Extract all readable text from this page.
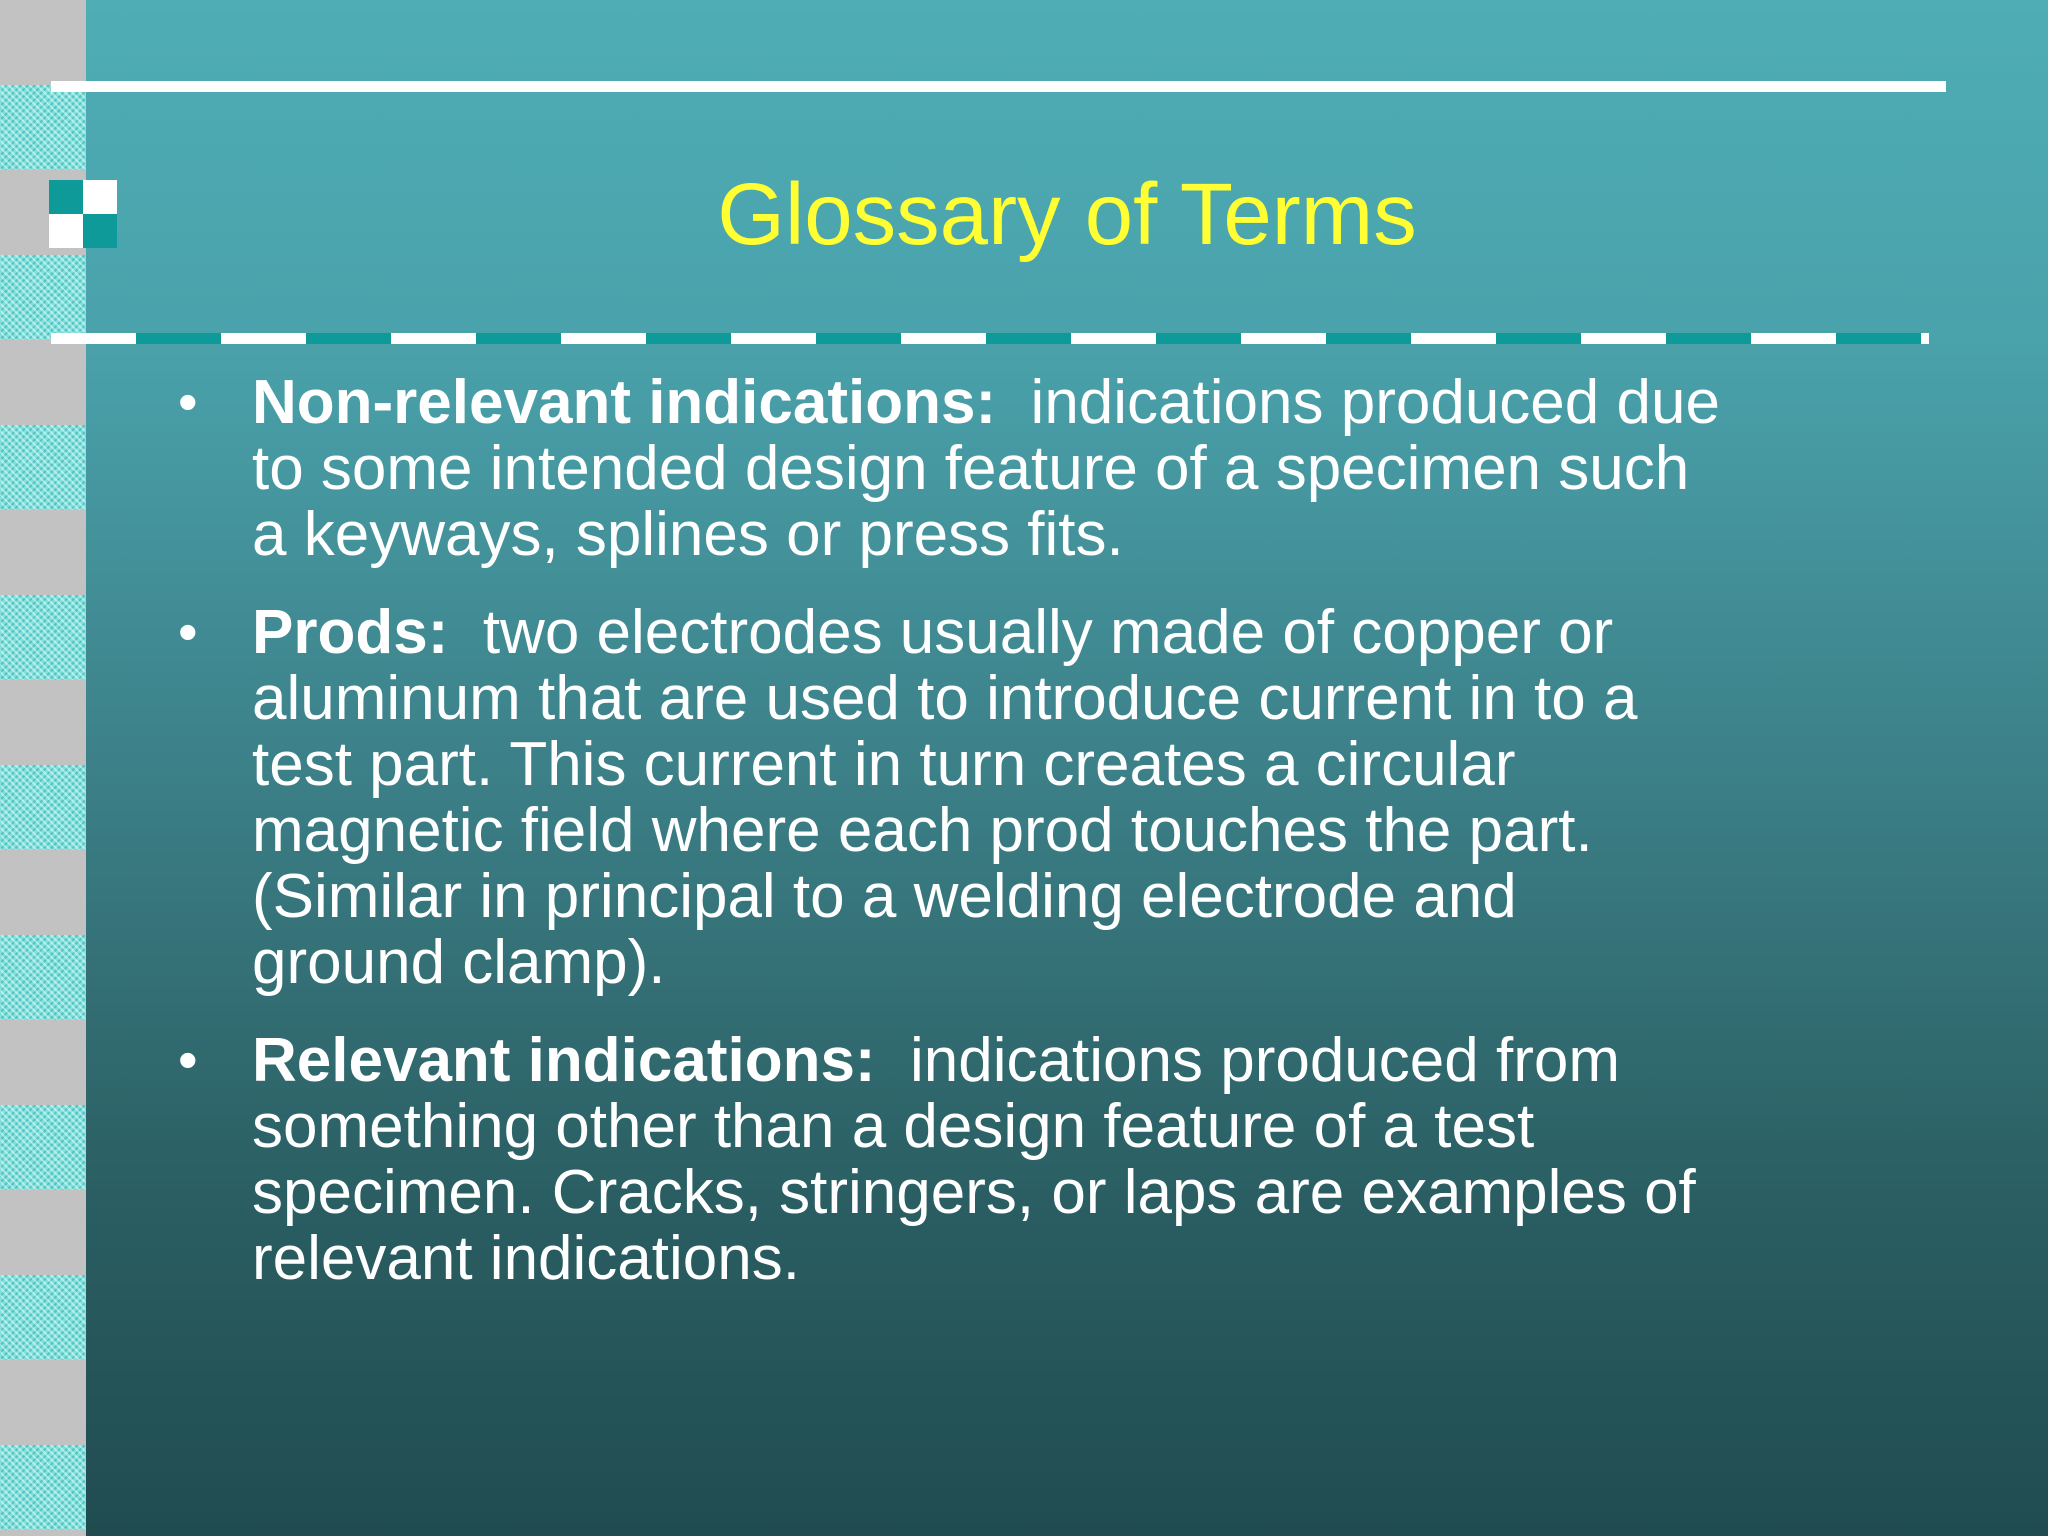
Glossary of Terms
• Non-relevant indications: indications produced due
to some intended design feature of a specimen such
a keyways, splines or press fits.
• Prods: two electrodes usually made of copper or
aluminum that are used to introduce current in to a
test part. This current in turn creates a circular
magnetic field where each prod touches the part.
(Similar in principal to a welding electrode and
ground clamp).
• Relevant indications: indications produced from
something other than a design feature of a test
specimen. Cracks, stringers, or laps are examples of
relevant indications.
